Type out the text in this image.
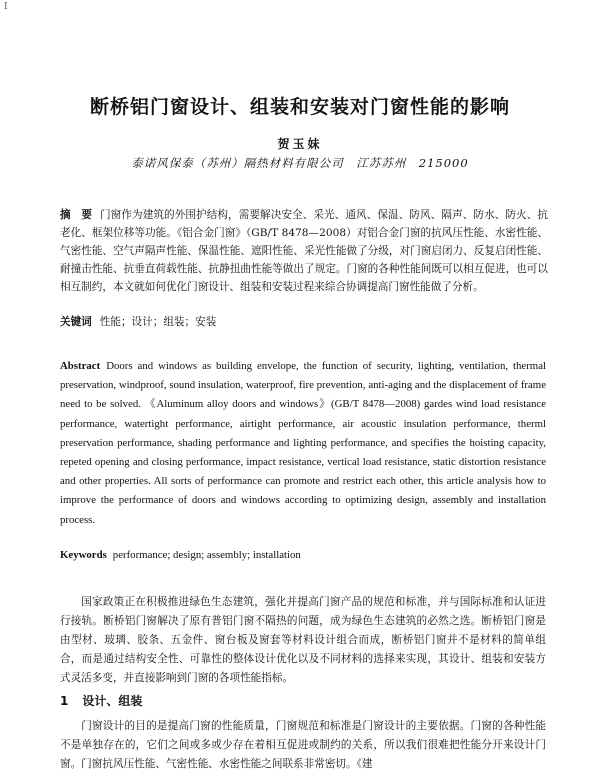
I
断桥铝门窗设计、组装和安装对门窗性能的影响
贺玉妹
泰诺风保泰（苏州）隔热材料有限公司　江苏苏州　215000
摘　要 门窗作为建筑的外围护结构，需要解决安全、采光、通风、保温、防风、隔声、防水、防火、抗老化、框架位移等功能。《铝合金门窗》（GB/T 8478—2008）对铝合金门窗的抗风压性能、水密性能、气密性能、空气声隔声性能、保温性能、遮阳性能、采光性能做了分级，对门窗启闭力、反复启闭性能、耐撞击性能、抗垂直荷载性能、抗静扭曲性能等做出了规定。门窗的各种性能间既可以相互促进，也可以相互制约，本文就如何优化门窗设计、组装和安装过程来综合协调提高门窗性能做了分析。
关键词 性能；设计；组装；安装
Abstract Doors and windows as building envelope, the function of security, lighting, ventilation, thermal preservation, windproof, sound insulation, waterproof, fire prevention, anti-aging and the displacement of frame need to be solved. 《Aluminum alloy doors and windows》(GB/T 8478—2008) gardes wind load resistance performance, watertight performance, airtight performance, air acoustic insulation performance, therml preservation performance, shading performance and lighting performance, and specifies the hoisting capacity, repeted opening and closing performance, impact resistance, vertical load resistance, static distortion resistance and other properties. All sorts of performance can promote and restrict each other, this article analysis how to improve the performance of doors and windows according to optimizing design, assembly and installation process.
Keywords performance; design; assembly; installation
国家政策正在积极推进绿色生态建筑，强化并提高门窗产品的规范和标准，并与国际标准和认证进行接轨。断桥铝门窗解决了原有普铝门窗不隔热的问题，成为绿色生态建筑的必然之选。断桥铝门窗是由型材、玻璃、胶条、五金件、窗台板及窗套等材料设计组合而成，断桥铝门窗并不是材料的简单组合，而是通过结构安全性、可靠性的整体设计优化以及不同材料的选择来实现，其设计、组装和安装方式灵活多变，并直接影响到门窗的各项性能指标。
1 设计、组装
门窗设计的目的是提高门窗的性能质量，门窗规范和标准是门窗设计的主要依据。门窗的各种性能不是单独存在的，它们之间或多或少存在着相互促进或制约的关系，所以我们很难把性能分开来设计门窗。门窗抗风压性能、气密性能、水密性能之间联系非常密切。《建
